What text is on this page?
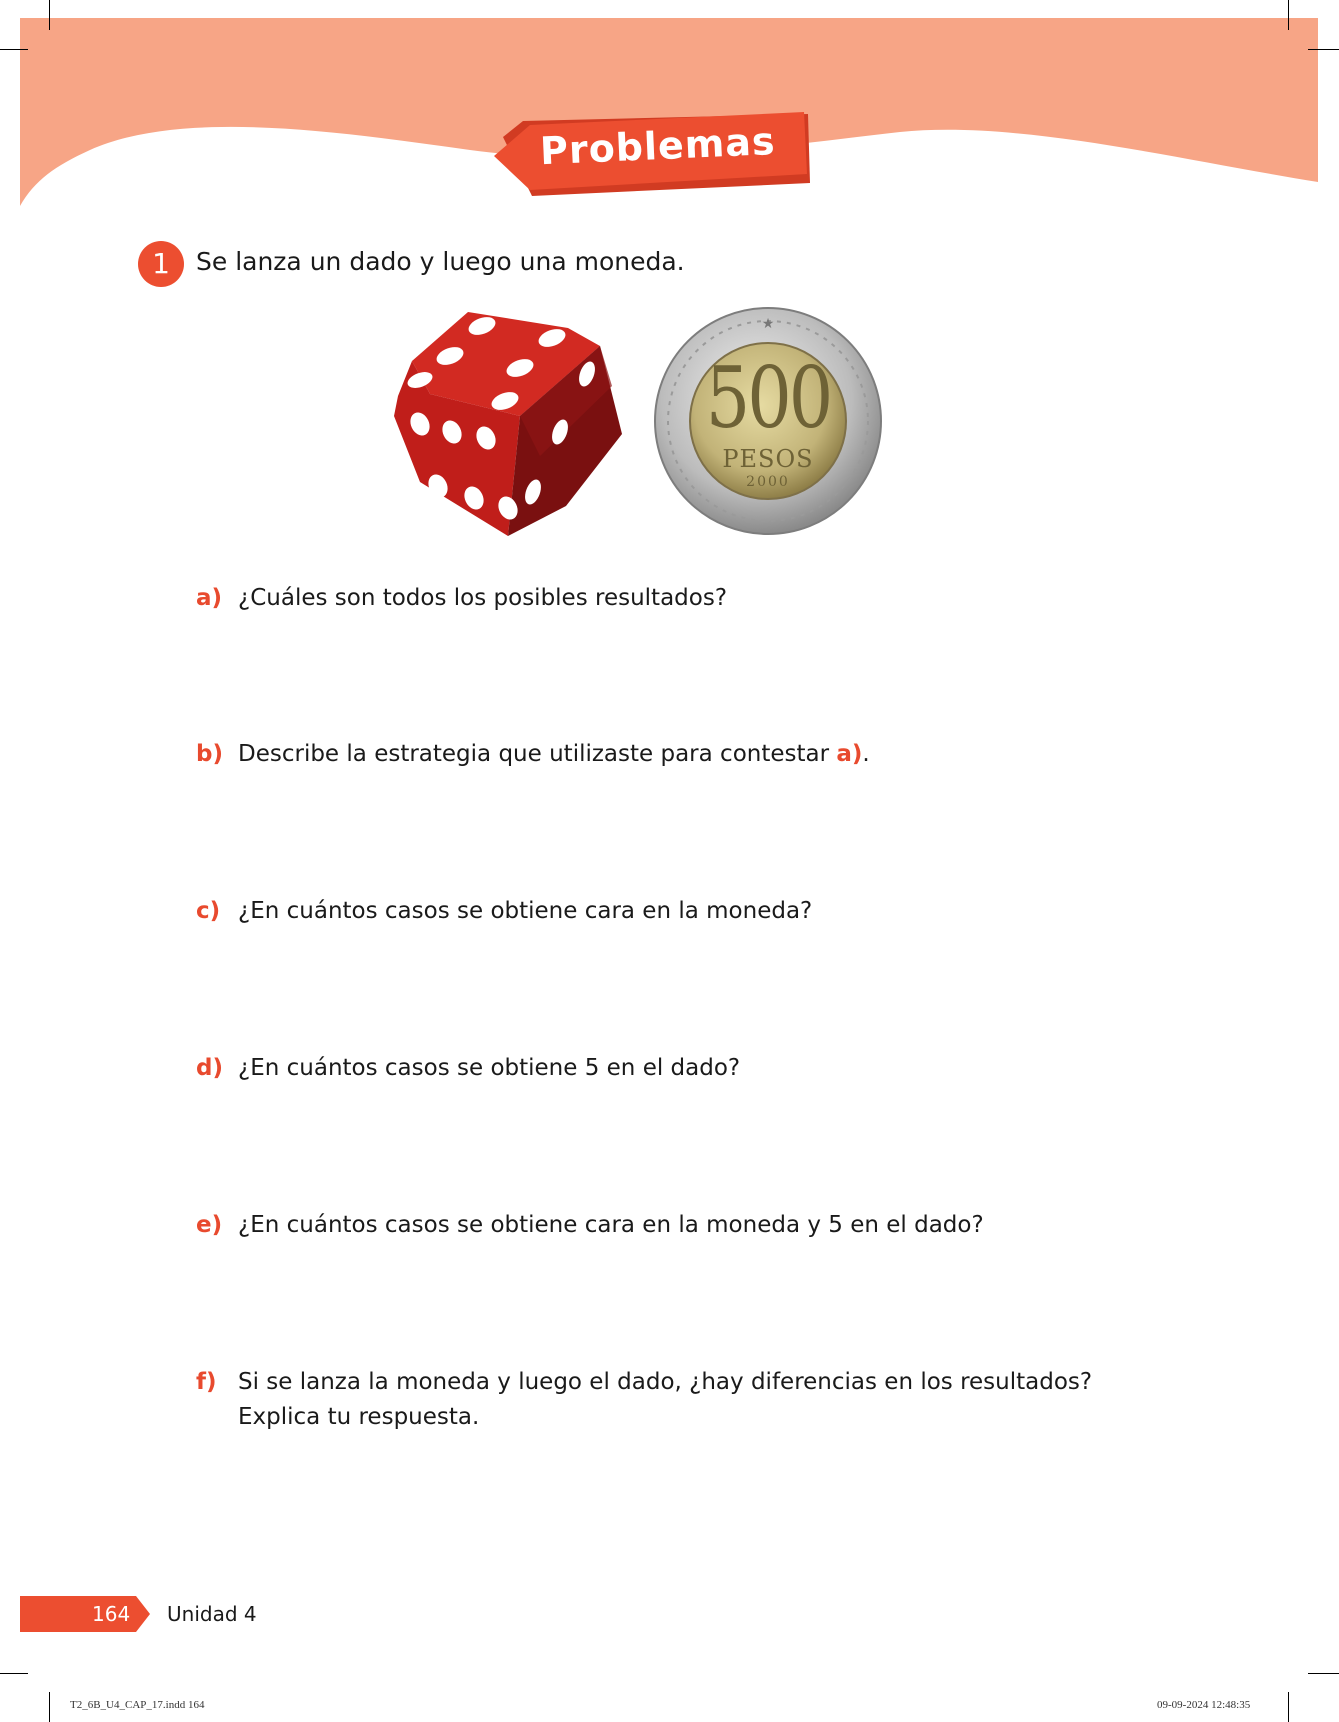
Problemas
1	Se lanza un dado y luego una moneda.
★
500
PESOS
2000
a) ¿Cuáles son todos los posibles resultados?
b) Describe la estrategia que utilizaste para contestar a).
c) ¿En cuántos casos se obtiene cara en la moneda?
d) ¿En cuántos casos se obtiene 5 en el dado?
e) ¿En cuántos casos se obtiene cara en la moneda y 5 en el dado?
f) Si se lanza la moneda y luego el dado, ¿hay diferencias en los resultados?
Explica tu respuesta.
164 Unidad 4
T2_6B_U4_CAP_17.indd 164	09-09-2024 12:48:35
